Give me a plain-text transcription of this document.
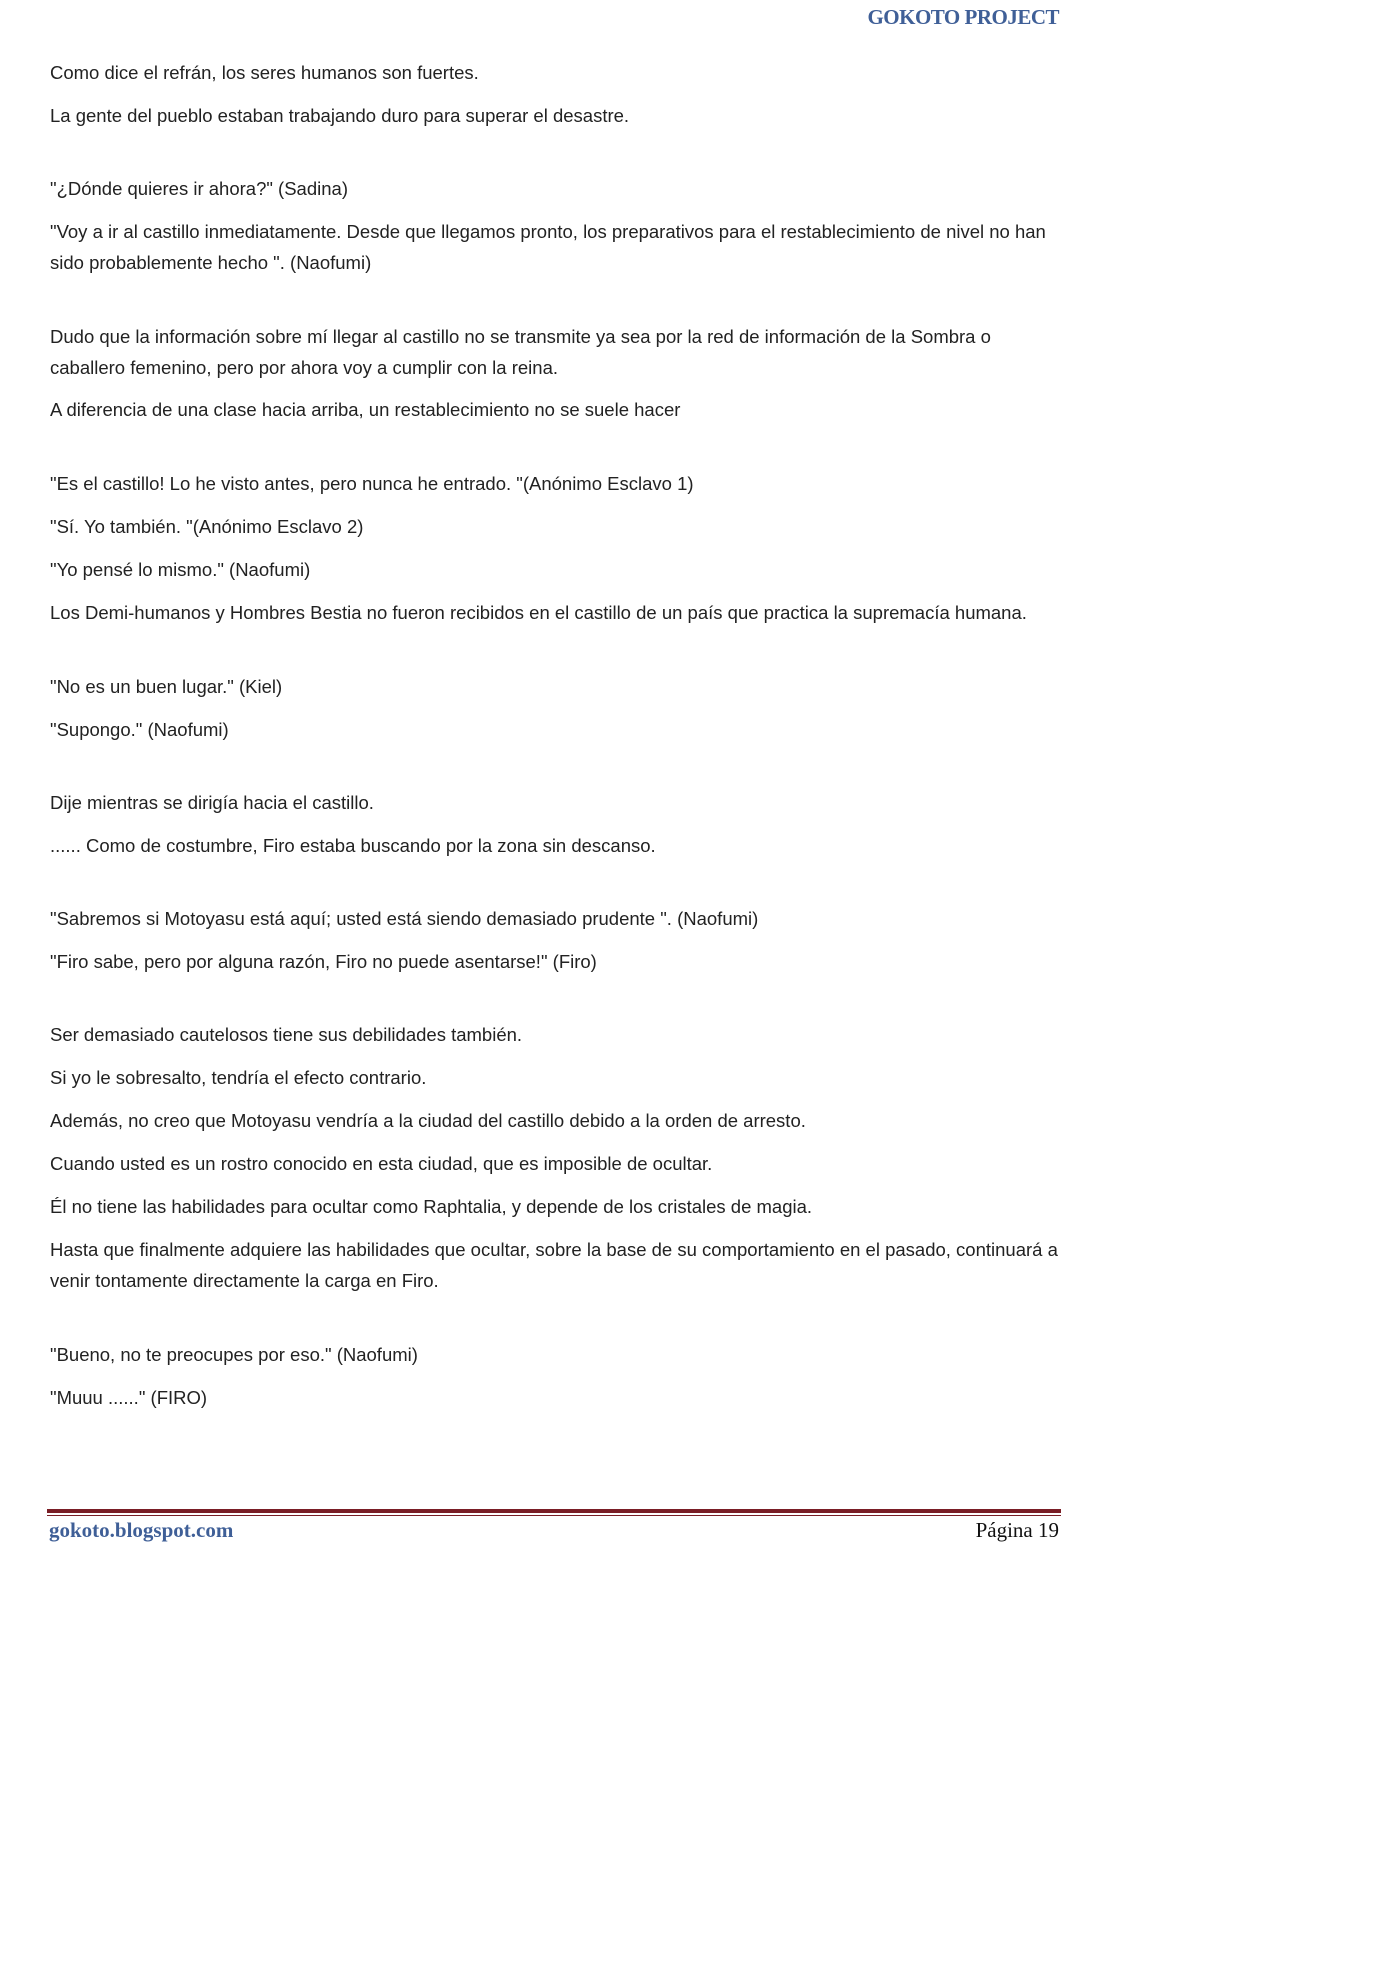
GOKOTO PROJECT

Como dice el refrán, los seres humanos son fuertes.

La gente del pueblo estaban trabajando duro para superar el desastre.

"¿Dónde quieres ir ahora?" (Sadina)

"Voy a ir al castillo inmediatamente. Desde que llegamos pronto, los preparativos para el restablecimiento de nivel no han sido probablemente hecho ". (Naofumi)

Dudo que la información sobre mí llegar al castillo no se transmite ya sea por la red de información de la Sombra o caballero femenino, pero por ahora voy a cumplir con la reina.

A diferencia de una clase hacia arriba, un restablecimiento no se suele hacer

"Es el castillo! Lo he visto antes, pero nunca he entrado. "(Anónimo Esclavo 1)

"Sí. Yo también. "(Anónimo Esclavo 2)

"Yo pensé lo mismo." (Naofumi)

Los Demi-humanos y Hombres Bestia no fueron recibidos en el castillo de un país que practica la supremacía humana.

"No es un buen lugar." (Kiel)

"Supongo." (Naofumi)

Dije mientras se dirigía hacia el castillo.

...... Como de costumbre, Firo estaba buscando por la zona sin descanso.

"Sabremos si Motoyasu está aquí; usted está siendo demasiado prudente ". (Naofumi)

"Firo sabe, pero por alguna razón, Firo no puede asentarse!" (Firo)

Ser demasiado cautelosos tiene sus debilidades también.

Si yo le sobresalto, tendría el efecto contrario.

Además, no creo que Motoyasu vendría a la ciudad del castillo debido a la orden de arresto.

Cuando usted es un rostro conocido en esta ciudad, que es imposible de ocultar.

Él no tiene las habilidades para ocultar como Raphtalia, y depende de los cristales de magia.

Hasta que finalmente adquiere las habilidades que ocultar, sobre la base de su comportamiento en el pasado, continuará a venir tontamente directamente la carga en Firo.

"Bueno, no te preocupes por eso." (Naofumi)

"Muuu ......" (FIRO)

gokoto.blogspot.com	Página 19
